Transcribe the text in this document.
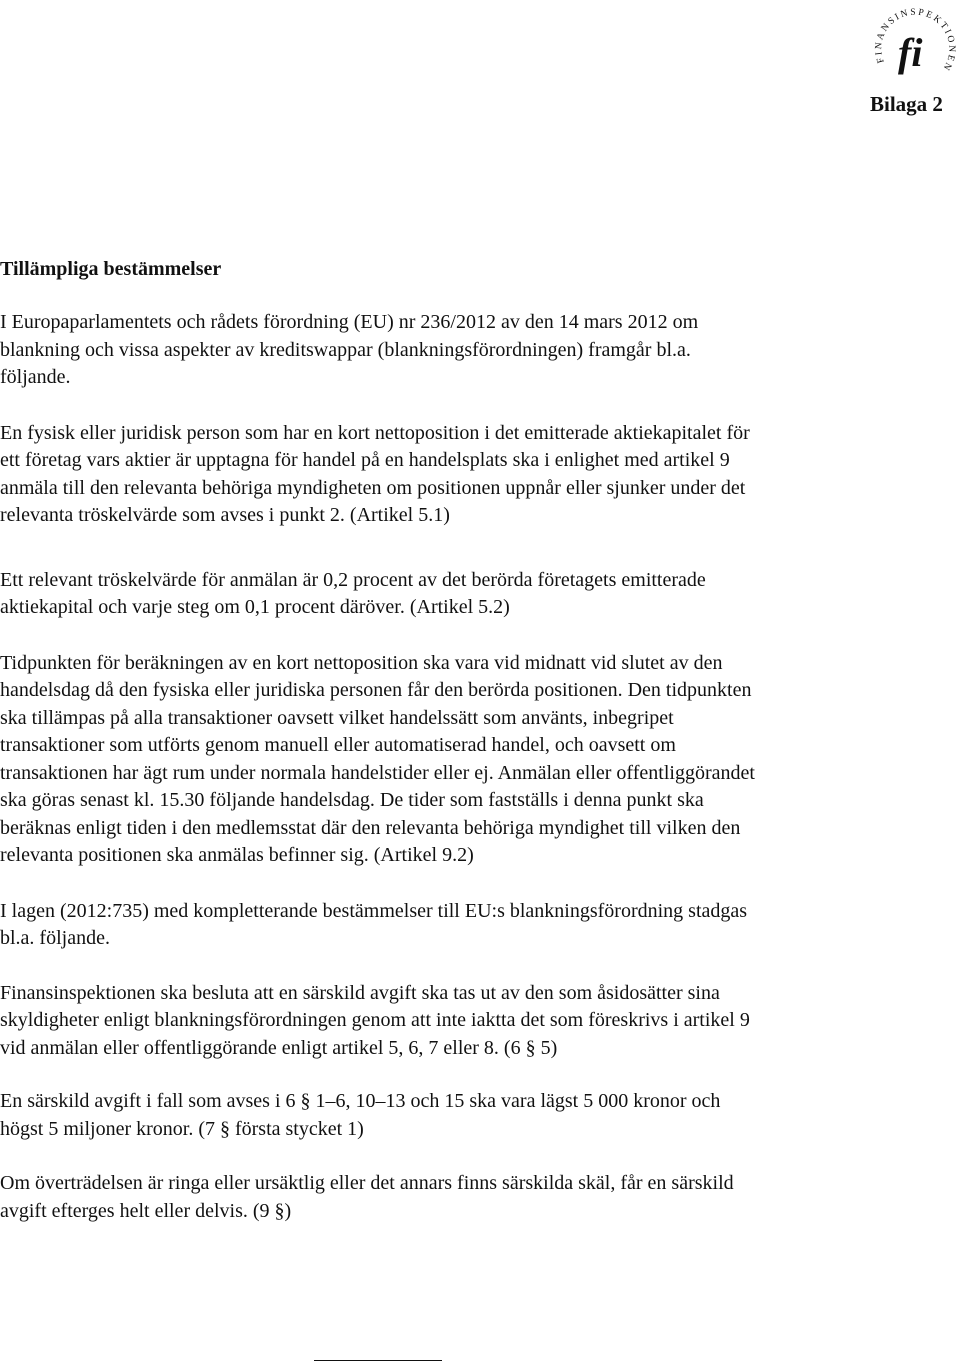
FINANSINSPEKTIONEN
fi
Bilaga 2
Tillämpliga bestämmelser

I Europaparlamentets och rådets förordning (EU) nr 236/2012 av den 14 mars 2012 om blankning och vissa aspekter av kreditswappar (blankningsförordningen) framgår bl.a. följande.

En fysisk eller juridisk person som har en kort nettoposition i det emitterade aktiekapitalet för ett företag vars aktier är upptagna för handel på en handelsplats ska i enlighet med artikel 9 anmäla till den relevanta behöriga myndigheten om positionen uppnår eller sjunker under det relevanta tröskelvärde som avses i punkt 2. (Artikel 5.1)

Ett relevant tröskelvärde för anmälan är 0,2 procent av det berörda företagets emitterade aktiekapital och varje steg om 0,1 procent däröver. (Artikel 5.2)

Tidpunkten för beräkningen av en kort nettoposition ska vara vid midnatt vid slutet av den handelsdag då den fysiska eller juridiska personen får den berörda positionen. Den tidpunkten ska tillämpas på alla transaktioner oavsett vilket handelssätt som använts, inbegripet transaktioner som utförts genom manuell eller automatiserad handel, och oavsett om transaktionen har ägt rum under normala handelstider eller ej. Anmälan eller offentliggörandet ska göras senast kl. 15.30 följande handelsdag. De tider som fastställs i denna punkt ska beräknas enligt tiden i den medlemsstat där den relevanta behöriga myndighet till vilken den relevanta positionen ska anmälas befinner sig. (Artikel 9.2)

I lagen (2012:735) med kompletterande bestämmelser till EU:s blankningsförordning stadgas bl.a. följande.

Finansinspektionen ska besluta att en särskild avgift ska tas ut av den som åsidosätter sina skyldigheter enligt blankningsförordningen genom att inte iaktta det som föreskrivs i artikel 9 vid anmälan eller offentliggörande enligt artikel 5, 6, 7 eller 8. (6 § 5)

En särskild avgift i fall som avses i 6 § 1–6, 10–13 och 15 ska vara lägst 5 000 kronor och högst 5 miljoner kronor. (7 § första stycket 1)

Om överträdelsen är ringa eller ursäktlig eller det annars finns särskilda skäl, får en särskild avgift efterges helt eller delvis. (9 §)
